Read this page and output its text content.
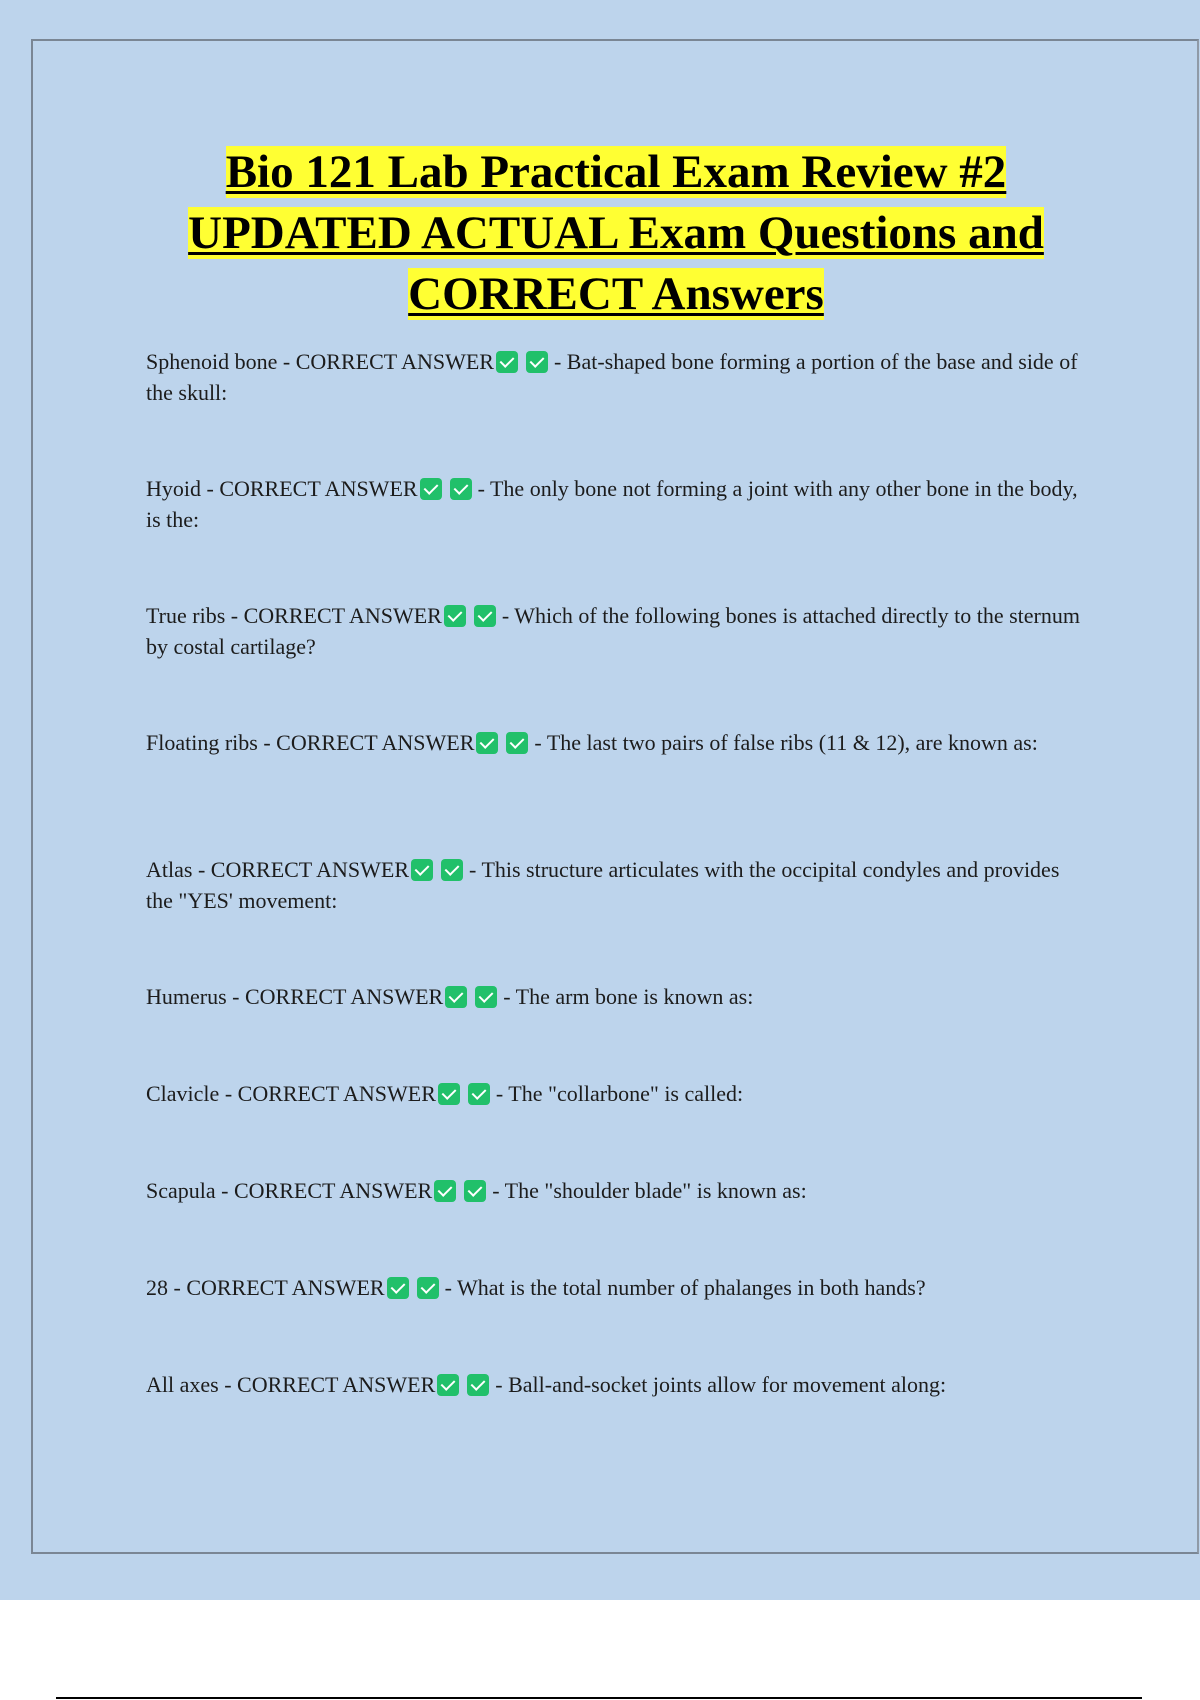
Bio 121 Lab Practical Exam Review #2
UPDATED ACTUAL Exam Questions and
CORRECT Answers

Sphenoid bone - CORRECT ANSWER	- Bat-shaped bone forming a portion of the base and side of the skull:

Hyoid - CORRECT ANSWER	- The only bone not forming a joint with any other bone in the body, is the:

True ribs - CORRECT ANSWER	- Which of the following bones is attached directly to the sternum by costal cartilage?

Floating ribs - CORRECT ANSWER	- The last two pairs of false ribs (11 & 12), are known as:

Atlas - CORRECT ANSWER	- This structure articulates with the occipital condyles and provides the "YES' movement:

Humerus - CORRECT ANSWER	- The arm bone is known as:

Clavicle - CORRECT ANSWER	- The "collarbone" is called:

Scapula - CORRECT ANSWER	- The "shoulder blade" is known as:

28 - CORRECT ANSWER	- What is the total number of phalanges in both hands?

All axes - CORRECT ANSWER	- Ball-and-socket joints allow for movement along:
